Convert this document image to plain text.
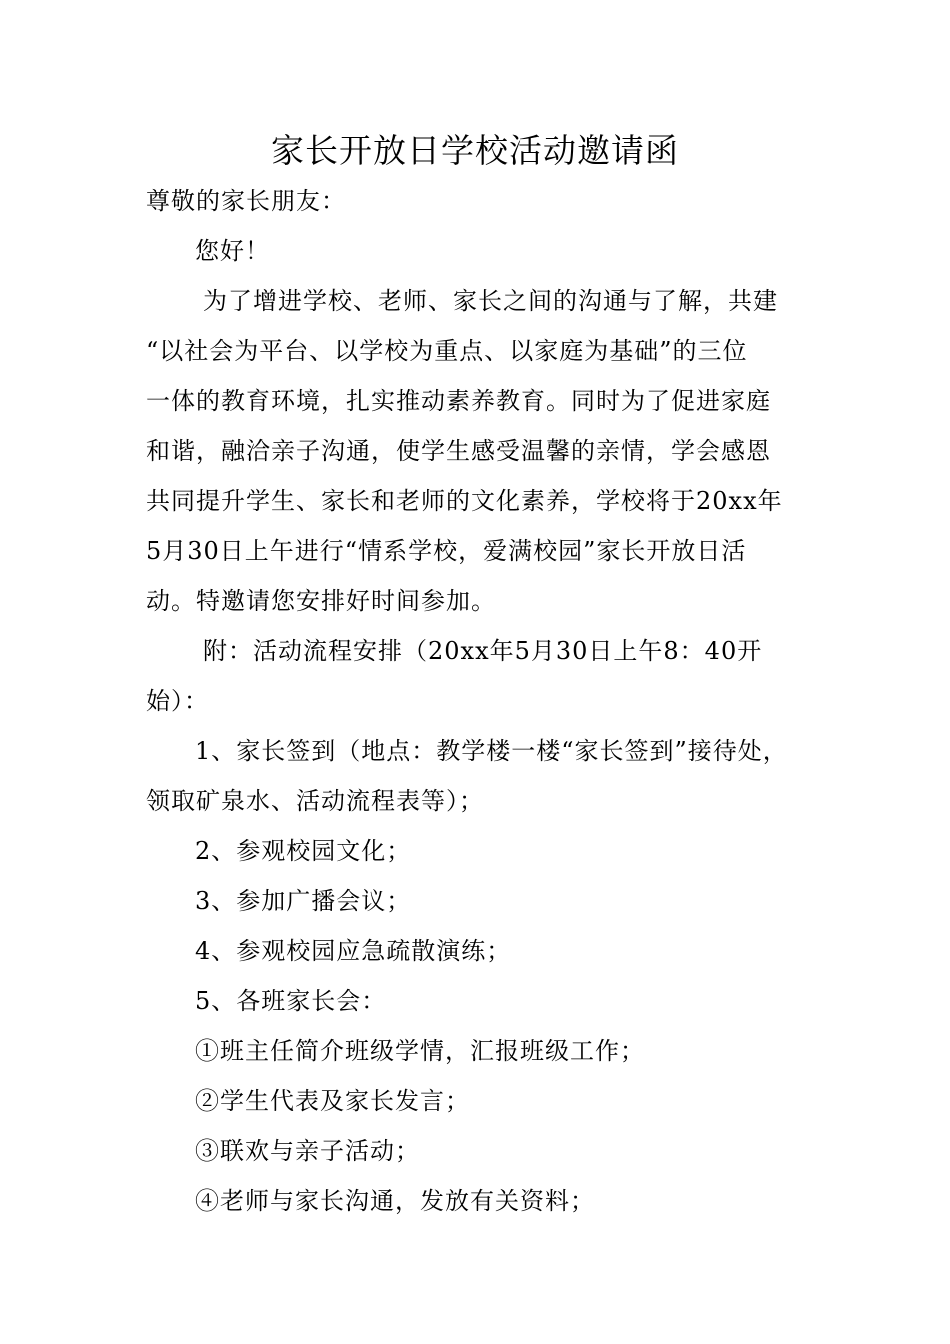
家长开放日学校活动邀请函
尊敬的家长朋友：
您好！
为了增进学校、老师、家长之间的沟通与了解，共建
“以社会为平台、以学校为重点、以家庭为基础”的三位
一体的教育环境，扎实推动素养教育。同时为了促进家庭
和谐，融洽亲子沟通，使学生感受温馨的亲情，学会感恩
共同提升学生、家长和老师的文化素养，学校将于20xx年
5月30日上午进行“情系学校，爱满校园”家长开放日活
动。特邀请您安排好时间参加。
附：活动流程安排（20xx年5月30日上午8：40开
始）：
1、家长签到（地点：教学楼一楼“家长签到”接待处，
领取矿泉水、活动流程表等）；
2、参观校园文化；
3、参加广播会议；
4、参观校园应急疏散演练；
5、各班家长会：
①班主任简介班级学情，汇报班级工作；
②学生代表及家长发言；
③联欢与亲子活动；
④老师与家长沟通，发放有关资料；
